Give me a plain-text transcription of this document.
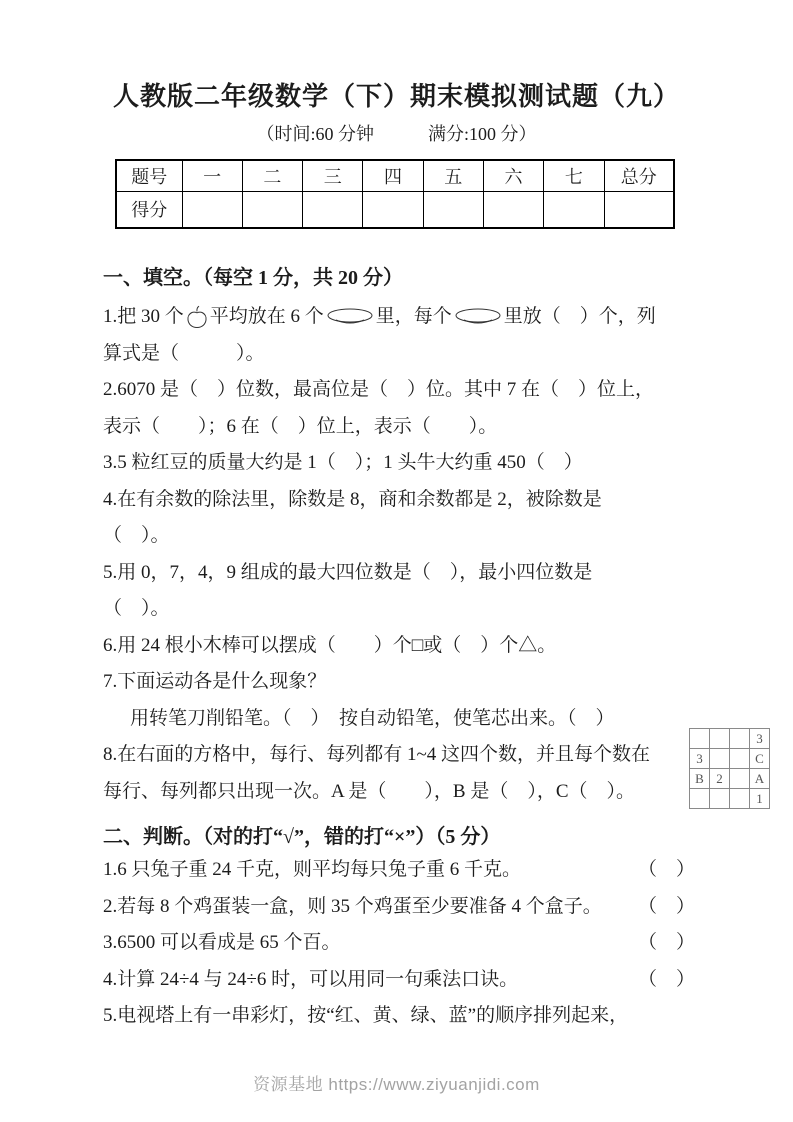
人教版二年级数学（下）期末模拟测试题（九）
（时间:60 分钟　　　满分:100 分）
题号	一	二	三	四	五	六	七	总分
得分								
一、填空。（每空 1 分，共 20 分）

1.把 30 个 平均放在 6 个	里，每个	里放（　）个，列

算式是（　　　）。

2.6070 是（　）位数，最高位是（　）位。其中 7 在（　）位上，

表示（　　）；6 在（　）位上，表示（　　）。

3.5 粒红豆的质量大约是 1（　）；1 头牛大约重 450（　）

4.在有余数的除法里，除数是 8，商和余数都是 2，被除数是

（　）。

5.用 0，7，4，9 组成的最大四位数是（　），最小四位数是

（　）。

6.用 24 根小木棒可以摆成（　　）个□或（　）个△。

7.下面运动各是什么现象？

用转笔刀削铅笔。（　）　按自动铅笔，使笔芯出来。（　）

8.在右面的方格中，每行、每列都有 1~4 这四个数，并且每个数在

每行、每列都只出现一次。A 是（　　），B 是（　），C（　）。

			3
3			C
B	2		A
			1
二、判断。（对的打“√”，错的打“×”）（5 分）

1.6 只兔子重 24 千克，则平均每只兔子重 6 千克。	（　）

2.若每 8 个鸡蛋装一盒，则 35 个鸡蛋至少要准备 4 个盒子。 （　）

3.6500 可以看成是 65 个百。	（　）

4.计算 24÷4 与 24÷6 时，可以用同一句乘法口诀。	（　）

5.电视塔上有一串彩灯，按“红、黄、绿、蓝”的顺序排列起来，

资源基地 https://www.ziyuanjidi.com
